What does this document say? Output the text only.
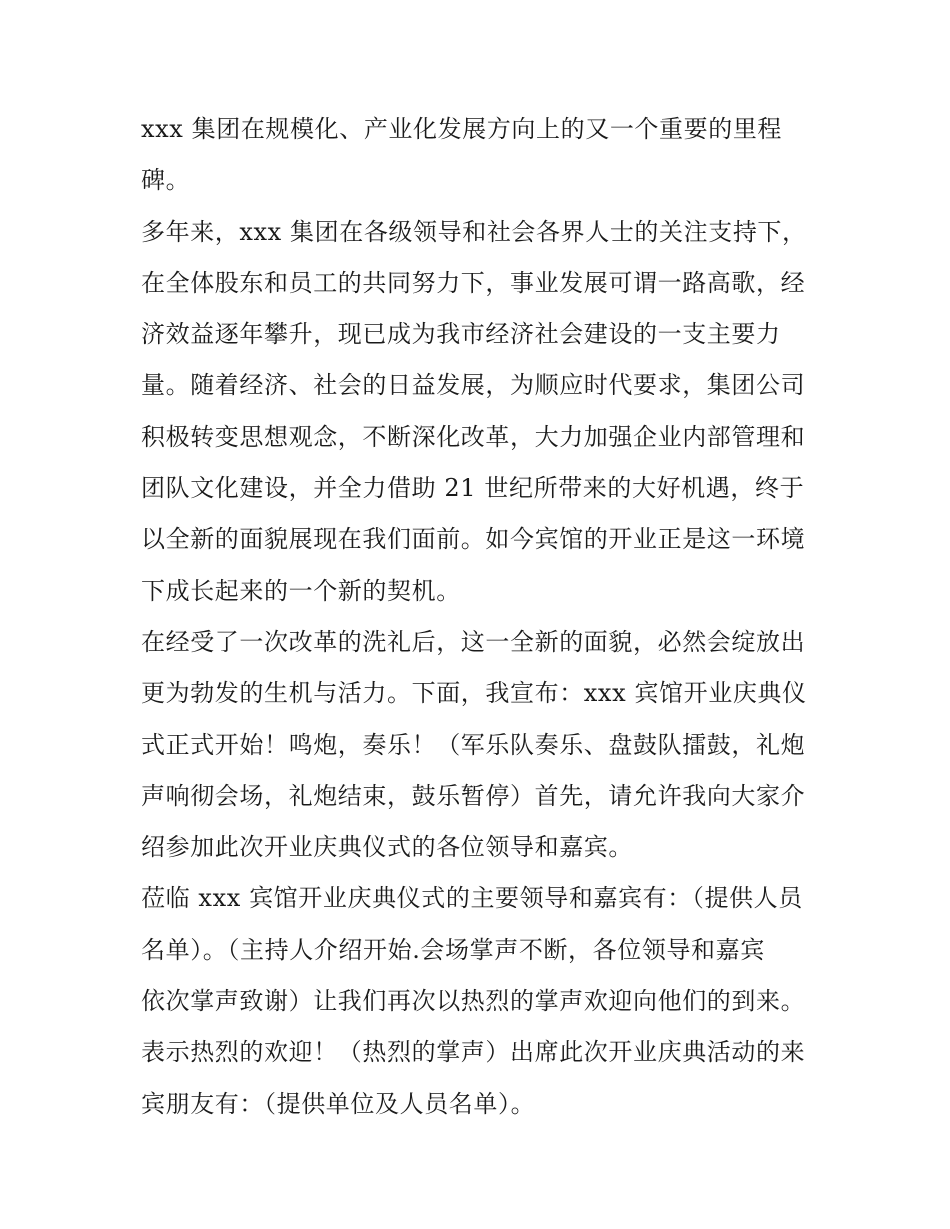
xxx 集团在规模化、产业化发展方向上的又一个重要的里程
碑。
多年来，xxx 集团在各级领导和社会各界人士的关注支持下，
在全体股东和员工的共同努力下，事业发展可谓一路高歌，经
济效益逐年攀升，现已成为我市经济社会建设的一支主要力
量。随着经济、社会的日益发展，为顺应时代要求，集团公司
积极转变思想观念，不断深化改革，大力加强企业内部管理和
团队文化建设，并全力借助 21 世纪所带来的大好机遇，终于
以全新的面貌展现在我们面前。如今宾馆的开业正是这一环境
下成长起来的一个新的契机。
在经受了一次改革的洗礼后，这一全新的面貌，必然会绽放出
更为勃发的生机与活力。下面，我宣布：xxx 宾馆开业庆典仪
式正式开始！鸣炮，奏乐！（军乐队奏乐、盘鼓队擂鼓，礼炮
声响彻会场，礼炮结束，鼓乐暂停）首先，请允许我向大家介
绍参加此次开业庆典仪式的各位领导和嘉宾。
莅临 xxx 宾馆开业庆典仪式的主要领导和嘉宾有：（提供人员
名单）。（主持人介绍开始.会场掌声不断，各位领导和嘉宾
依次掌声致谢）让我们再次以热烈的掌声欢迎向他们的到来。
表示热烈的欢迎！（热烈的掌声）出席此次开业庆典活动的来
宾朋友有：（提供单位及人员名单）。
